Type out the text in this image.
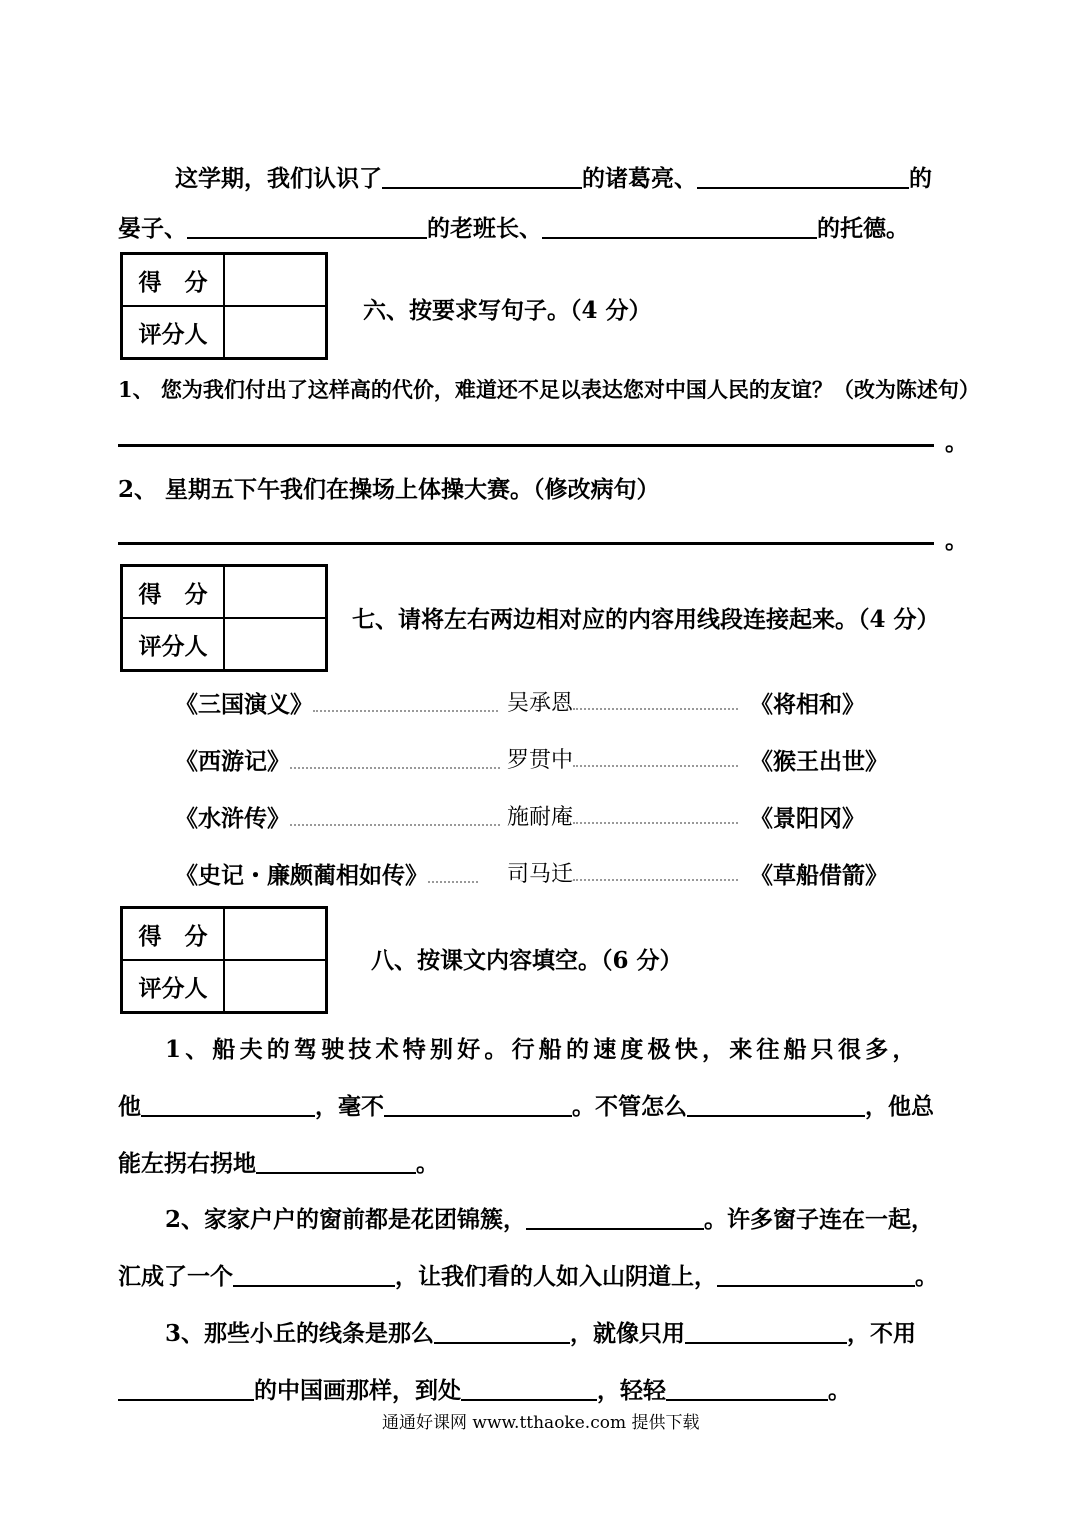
这学期，我们认识了	的诸葛亮、	的
晏子、	的老班长、	的托德。
得　分	
评分人	
六、按要求写句子。（4 分）
1、 您为我们付出了这样高的代价，难道还不足以表达您对中国人民的友谊？（改为陈述句）
。
2、 星期五下午我们在操场上体操大赛。（修改病句）
。
得　分	
评分人	
七、请将左右两边相对应的内容用线段连接起来。（4 分）
《三国演义》	吴承恩	《将相和》
《西游记》	罗贯中	《猴王出世》
《水浒传》	施耐庵	《景阳冈》
《史记・廉颇蔺相如传》	司马迁	《草船借箭》
得　分	
评分人	
八、按课文内容填空。（6 分）
1、船夫的驾驶技术特别好。行船的速度极快，来往船只很多，
他	，毫不	。不管怎么	，他总
能左拐右拐地	。
2、家家户户的窗前都是花团锦簇，	。许多窗子连在一起，
汇成了一个	，让我们看的人如入山阴道上，	。
3、那些小丘的线条是那么	，就像只用	，不用
的中国画那样，到处	，轻轻	。
通通好课网 www.tthaoke.com 提供下载
